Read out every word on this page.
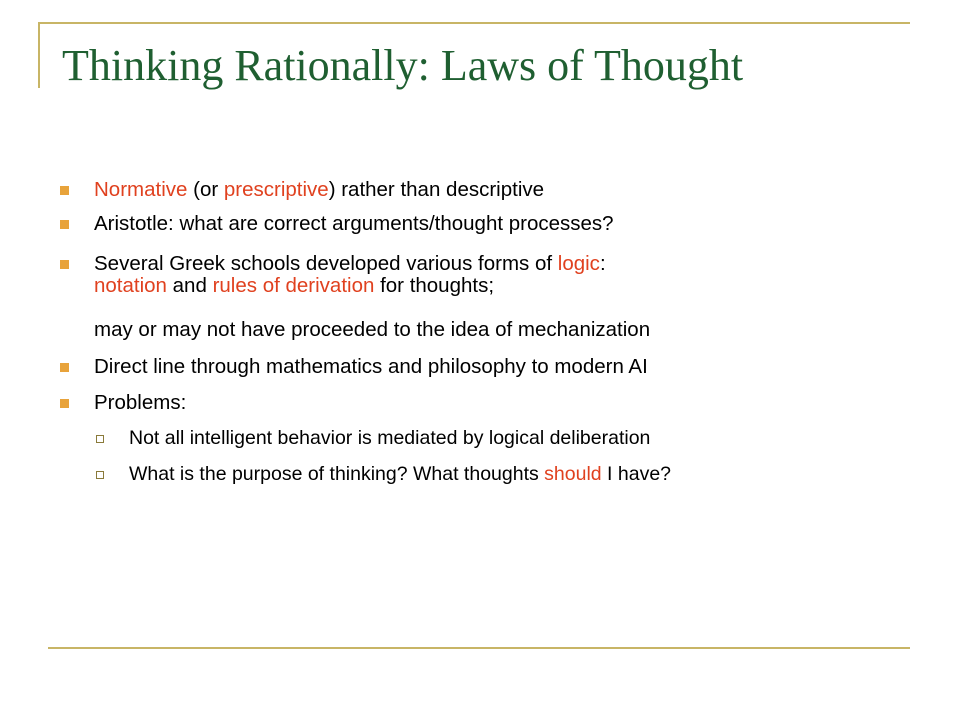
Thinking Rationally: Laws of Thought
Normative (or prescriptive) rather than descriptive
Aristotle: what are correct arguments/thought processes?
Several Greek schools developed various forms of logic:
notation and rules of derivation for thoughts;
may or may not have proceeded to the idea of mechanization
Direct line through mathematics and philosophy to modern AI
Problems:
Not all intelligent behavior is mediated by logical deliberation
What is the purpose of thinking? What thoughts should I have?
